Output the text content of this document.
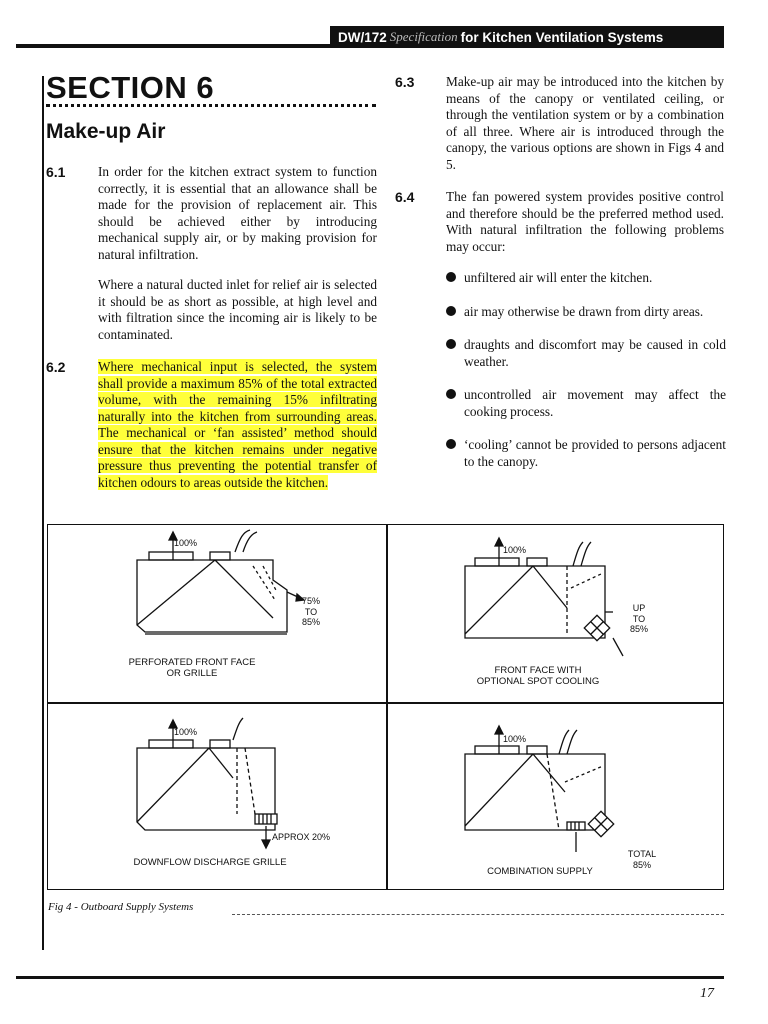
DW/172 Specification for Kitchen Ventilation Systems
SECTION 6
Make-up Air
6.1 In order for the kitchen extract system to function correctly, it is essential that an allowance shall be made for the provision of replacement air. This should be achieved either by introducing mechanical supply air, or by making provision for natural infiltration.
Where a natural ducted inlet for relief air is selected it should be as short as possible, at high level and with filtration since the incoming air is likely to be contaminated.
6.2 Where mechanical input is selected, the system shall provide a maximum 85% of the total extracted volume, with the remaining 15% infiltrating naturally into the kitchen from surrounding areas. The mechanical or ‘fan assisted’ method should ensure that the kitchen remains under negative pressure thus preventing the potential transfer of kitchen odours to areas outside the kitchen.
6.3 Make-up air may be introduced into the kitchen by means of the canopy or ventilated ceiling, or through the ventilation system or by a combination of all three. Where air is introduced through the canopy, the various options are shown in Figs 4 and 5.
6.4 The fan powered system provides positive control and therefore should be the preferred method used. With natural infiltration the following problems may occur:
unfiltered air will enter the kitchen.
air may otherwise be drawn from dirty areas.
draughts and discomfort may be caused in cold weather.
uncontrolled air movement may affect the cooking process.
‘cooling’ cannot be provided to persons adjacent to the canopy.
100%
75%
TO
85%
PERFORATED FRONT FACE
OR GRILLE
100%
UP
TO
85%
FRONT FACE WITH
OPTIONAL SPOT COOLING
100%
APPROX 20%
DOWNFLOW DISCHARGE GRILLE
100%
TOTAL
85%
COMBINATION SUPPLY
Fig 4 - Outboard Supply Systems
17
